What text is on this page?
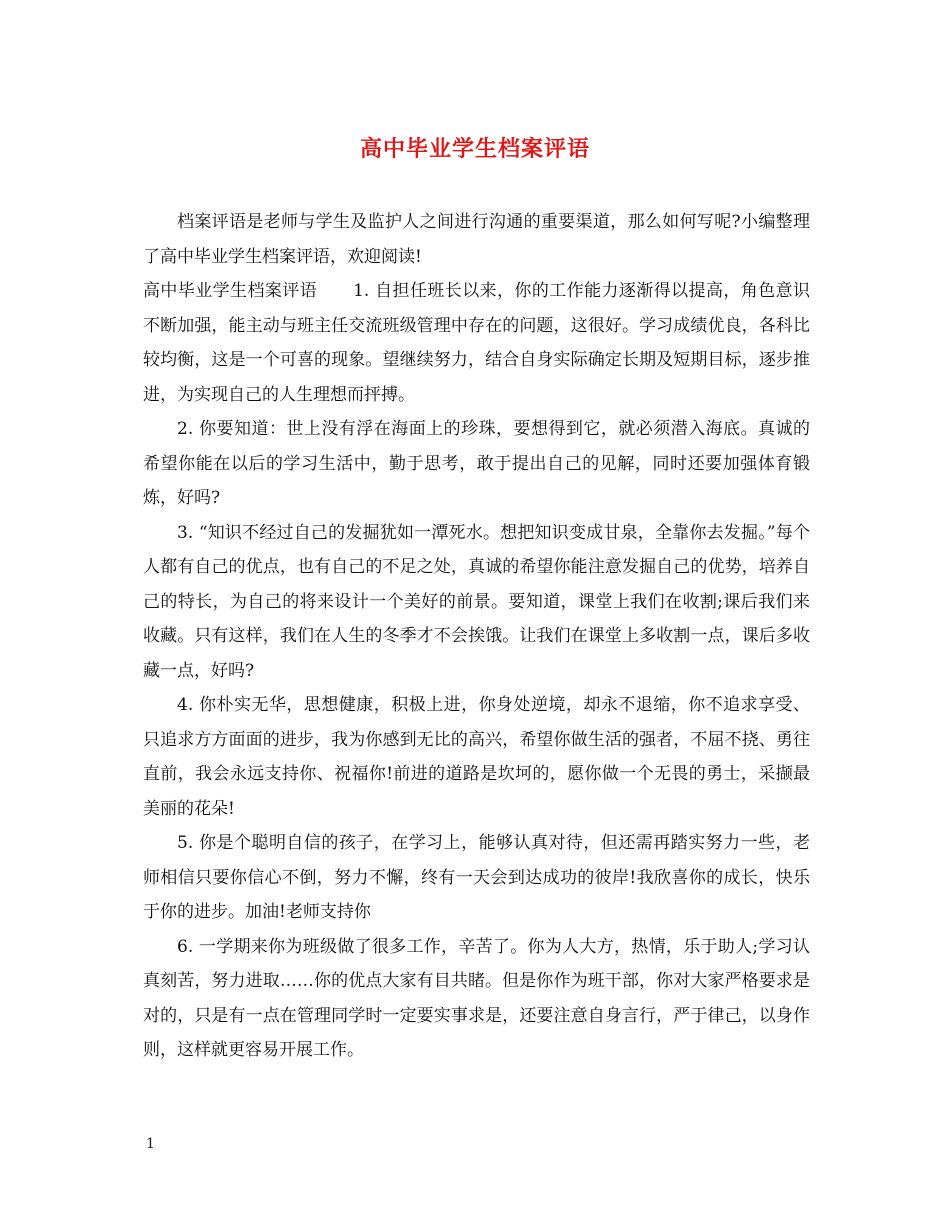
高中毕业学生档案评语

档案评语是老师与学生及监护人之间进行沟通的重要渠道，那么如何写呢?小编整理了高中毕业学生档案评语，欢迎阅读!

高中毕业学生档案评语 1. 自担任班长以来，你的工作能力逐渐得以提高，角色意识不断加强，能主动与班主任交流班级管理中存在的问题，这很好。学习成绩优良，各科比较均衡，这是一个可喜的现象。望继续努力，结合自身实际确定长期及短期目标，逐步推进，为实现自己的人生理想而抨搏。

2. 你要知道：世上没有浮在海面上的珍珠，要想得到它，就必须潜入海底。真诚的希望你能在以后的学习生活中，勤于思考，敢于提出自己的见解，同时还要加强体育锻炼，好吗?

3. “知识不经过自己的发掘犹如一潭死水。想把知识变成甘泉，全靠你去发掘。”每个人都有自己的优点，也有自己的不足之处，真诚的希望你能注意发掘自己的优势，培养自己的特长，为自己的将来设计一个美好的前景。要知道，课堂上我们在收割;课后我们来收藏。只有这样，我们在人生的冬季才不会挨饿。让我们在课堂上多收割一点，课后多收藏一点，好吗?

4. 你朴实无华，思想健康，积极上进，你身处逆境，却永不退缩，你不追求享受、只追求方方面面的进步，我为你感到无比的高兴，希望你做生活的强者，不屈不挠、勇往直前，我会永远支持你、祝福你!前进的道路是坎坷的，愿你做一个无畏的勇士，采撷最美丽的花朵!

5. 你是个聪明自信的孩子，在学习上，能够认真对待，但还需再踏实努力一些，老师相信只要你信心不倒，努力不懈，终有一天会到达成功的彼岸!我欣喜你的成长，快乐于你的进步。加油!老师支持你

6. 一学期来你为班级做了很多工作，辛苦了。你为人大方，热情，乐于助人;学习认真刻苦，努力进取……你的优点大家有目共睹。但是你作为班干部，你对大家严格要求是对的，只是有一点在管理同学时一定要实事求是，还要注意自身言行，严于律己，以身作则，这样就更容易开展工作。

1
